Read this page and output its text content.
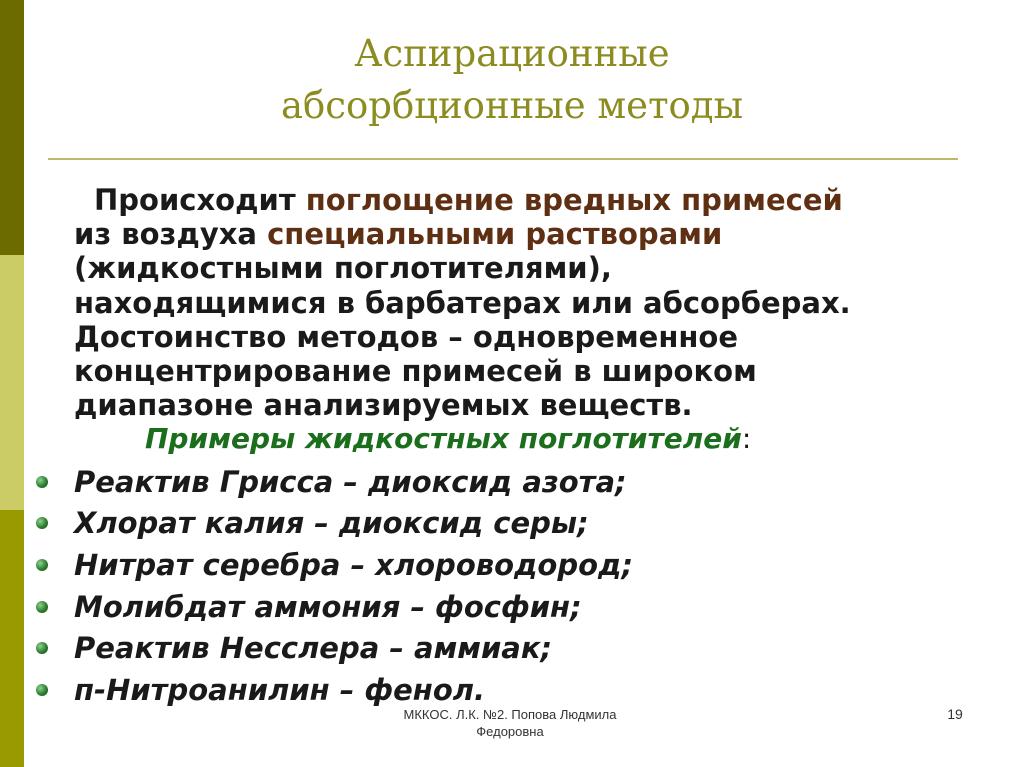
Аспирационные
абсорбционные методы
Происходит поглощение вредных примесей
из воздуха специальными растворами
(жидкостными поглотителями),
находящимися в барбатерах или абсорберах.
Достоинство методов – одновременное
концентрирование примесей в широком
диапазоне анализируемых веществ.
Примеры жидкостных поглотителей:
Реактив Грисса – диоксид азота;
Хлорат калия – диоксид серы;
Нитрат серебра – хлороводород;
Молибдат аммония – фосфин;
Реактив Несслера – аммиак;
п-Нитроанилин – фенол.
МККОС. Л.К. №2. Попова Людмила
Федоровна
19
